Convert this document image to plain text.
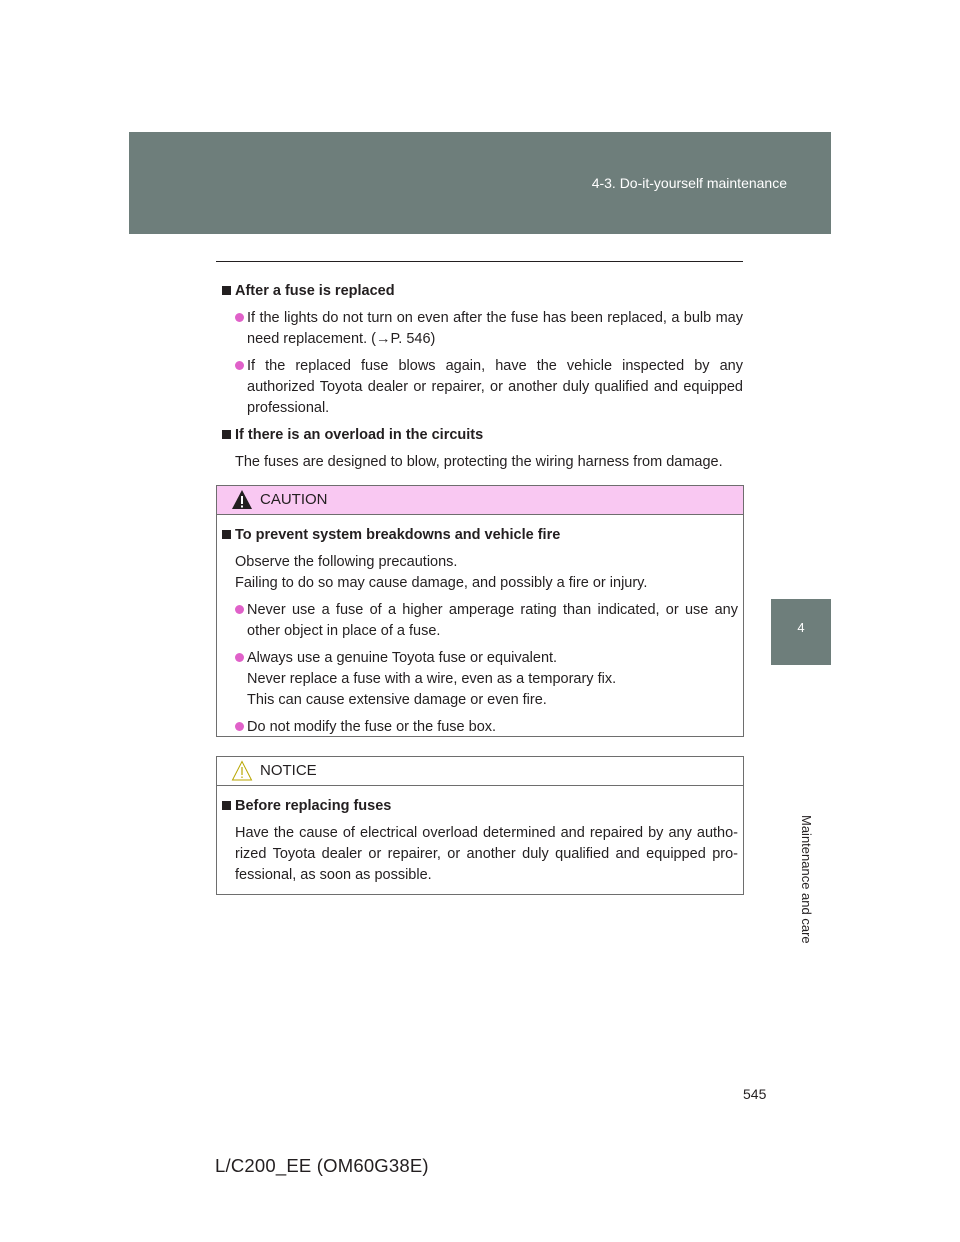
4-3. Do-it-yourself maintenance
4
Maintenance and care
After a fuse is replaced
If the lights do not turn on even after the fuse has been replaced, a bulb may need replacement. (→P. 546)
If the replaced fuse blows again, have the vehicle inspected by any authorized Toyota dealer or repairer, or another duly qualified and equipped professional.
If there is an overload in the circuits
The fuses are designed to blow, protecting the wiring harness from damage.
CAUTION
To prevent system breakdowns and vehicle fire
Observe the following precautions.
Failing to do so may cause damage, and possibly a fire or injury.
Never use a fuse of a higher amperage rating than indicated, or use any other object in place of a fuse.
Always use a genuine Toyota fuse or equivalent.
Never replace a fuse with a wire, even as a temporary fix.
This can cause extensive damage or even fire.
Do not modify the fuse or the fuse box.
NOTICE
Before replacing fuses
Have the cause of electrical overload determined and repaired by any autho-rized Toyota dealer or repairer, or another duly qualified and equipped pro-fessional, as soon as possible.
545
L/C200_EE (OM60G38E)
